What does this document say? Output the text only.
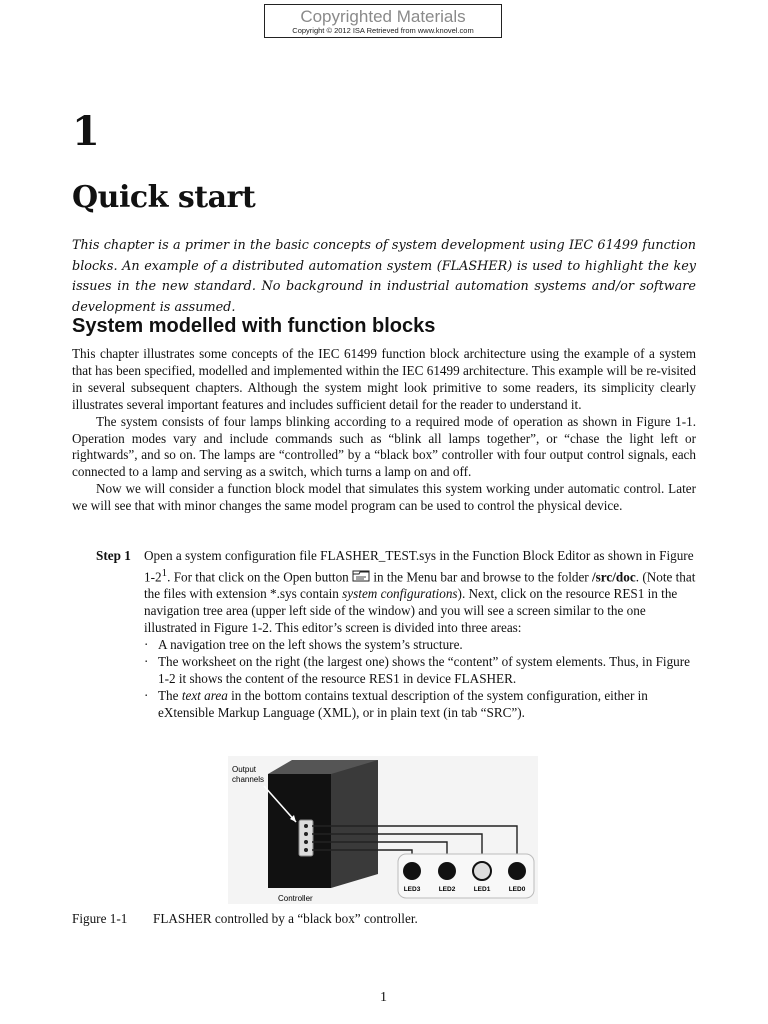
Copyrighted Materials
Copyright © 2012 ISA Retrieved from www.knovel.com
1
Quick start
This chapter is a primer in the basic concepts of system development using IEC 61499 function blocks. An example of a distributed automation system (FLASHER) is used to highlight the key issues in the new standard. No background in industrial automation systems and/or software development is assumed.
System modelled with function blocks

This chapter illustrates some concepts of the IEC 61499 function block architecture using the example of a system that has been specified, modelled and implemented within the IEC 61499 architecture. This example will be re-visited in several subsequent chapters. Although the system might look primitive to some readers, its simplicity clearly illustrates several important features and includes sufficient detail for the reader to understand it.

The system consists of four lamps blinking according to a required mode of operation as shown in Figure 1-1. Operation modes vary and include commands such as “blink all lamps together”, or “chase the light left or rightwards”, and so on. The lamps are “controlled” by a “black box” controller with four output control signals, each connected to a lamp and serving as a switch, which turns a lamp on and off.

Now we will consider a function block model that simulates this system working under automatic control. Later we will see that with minor changes the same model program can be used to control the physical device.

Step 1 Open a system configuration file FLASHER_TEST.sys in the Function Block Editor as shown in Figure $1-2^1$. For that click on the Open button  in the Menu bar and browse to the folder /src/doc. (Note that the files with extension *.sys contain system configurations). Next, click on the resource RES1 in the navigation tree area (upper left side of the window) and you will see a screen similar to the one illustrated in Figure 1-2. This editor’s screen is divided into three areas:
· A navigation tree on the left shows the system’s structure.
· The worksheet on the right (the largest one) shows the “content” of system elements. Thus, in Figure 1-2 it shows the content of the resource RES1 in device FLASHER.
· The text area in the bottom contains textual description of the system configuration, either in eXtensible Markup Language (XML), or in plain text (in tab “SRC”).
LED3	LED2	LED1	LED0
Output
channels
Controller
Figure 1-1 FLASHER controlled by a “black box” controller.
1
